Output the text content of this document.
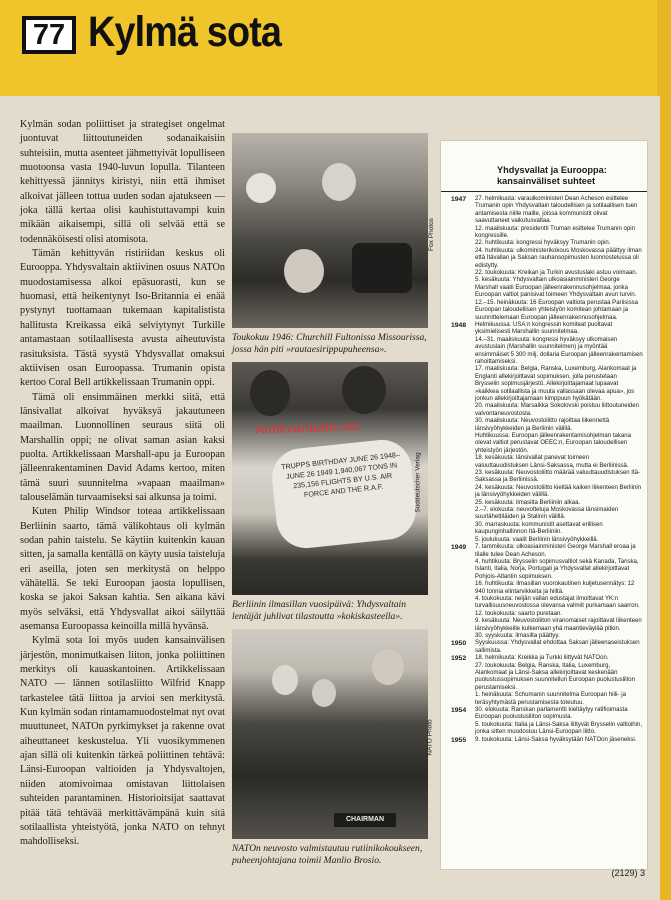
77 Kylmä sota

Kylmän sodan poliittiset ja strategiset ongelmat juontuvat liittoutuneiden sodanaikaisiin suhteisiin, mutta asenteet jähmettyivät lopulliseen muotoonsa vasta 1940-luvun lopulla. Tilanteen kehittyessä jännitys kiristyi, niin että ihmiset alkoivat jälleen tottua uuden sodan ajatukseen — joka tällä kertaa olisi kauhistuttavampi kuin mikään aikaisempi, sillä oli selvää että se todennäköisesti olisi atomisota.

Tämän kehittyvän ristiriidan keskus oli Eurooppa. Yhdysvaltain aktiivinen osuus NATOn muodostamisessa alkoi epäsuorasti, kun se huomasi, että heikentynyt Iso-Britannia ei enää pystynyt tuottamaan tukemaan kapitalistista hallitusta Kreikassa eikä selviytynyt Turkille antamastaan sotilaallisesta avusta aiheutuvista rasituksista. Tästä syystä Yhdysvallat omaksui aktiivisen osan Euroopassa. Trumanin opista kertoo Coral Bell artikkelissaan Trumanin oppi.

Tämä oli ensimmäinen merkki siitä, että länsivallat alkoivat hyväksyä jakautuneen maailman. Luonnollinen seuraus siitä oli Marshallin oppi; ne olivat saman asian kaksi puolta. Artikkelissaan Marshall-apu ja Euroopan jälleenrakentaminen David Adams kertoo, miten tämä suuri suunnitelma »vapaan maailman» talouselämän turvaamiseksi sai alkunsa ja toimi.

Kuten Philip Windsor toteaa artikkelissaan Berliinin saarto, tämä välikohtaus oli kylmän sodan pahin taistelu. Se käytiin kuitenkin kauan sitten, ja samalla kentällä on käyty uusia taisteluja eri aseilla, joten sen merkitystä on helppo vähätellä. Se teki Euroopan jaosta lopullisen, koska se jakoi Saksan kahtia. Sen aikana kävi myös selväksi, että Yhdysvallat aikoi säilyttää asemansa Euroopassa keinoilla millä hyvänsä.

Kylmä sota loi myös uuden kansainvälisen järjestön, monimutkaisen liiton, jonka poliittinen merkitys oli kauaskantoinen. Artikkelissaan NATO — lännen sotilasliitto Wilfrid Knapp tarkastelee tätä liittoa ja arvioi sen merkitystä. Kun kylmän sodan rintamamuodostelmat nyt ovat muuttuneet, NATOn pyrkimykset ja rakenne ovat aiheuttaneet keskustelua. Yli vuosikymmenen ajan sillä oli kuitenkin tärkeä poliittinen tehtävä: Länsi-Euroopan valtioiden ja Yhdysvaltojen, niiden atomivoimaa omistavan liittolaisen suhteiden parantaminen. Historioitsijat saattavat pitää tätä tehtävää merkittävämpänä kuin sitä sotilaallista yhteistyötä, jonka NATO on tehnyt mahdolliseksi.

Fox Photos
Toukokuu 1946: Churchill Fultonissa Missourissa, jossa hän piti »rautaesirippupuheensa».
TRUPPS BIRTHDAY JUNE 26 1948–JUNE 26 1949 1,940,067 TONS IN 235,156 FLIGHTS BY U.S. AIR FORCE AND THE R.A.F.	Süddeutscher Verlag
Berliinin ilmasillan vuosipäivä: Yhdysvaltain lentäjät juhlivat tilastoutta »kokiskasteella».
CHAIRMAN
NATO Photo
NATOn neuvosto valmistautuu rutiinikokoukseen, puheenjohtajana toimii Manlio Brosio.
Antikvariaatti.net
Yhdysvallat ja Eurooppa: kansainväliset suhteet
1947	27. helmikuuta: varaulkoministeri Dean Acheson esittelee Trumanin opin Yhdysvaltain taloudellisen ja sotilaallisen tuen antamisesta niille maille, joissa kommunistit olivat saavuttaneet vaikutusvaltaa.
12. maaliskuuta: presidentti Truman esittelee Trumanin opin kongressille.
22. huhtikuuta: kongressi hyväksyy Trumanin opin.
24. huhtikuuta: ulkoministerikokous Moskovassa päättyy ilman että Itävallan ja Saksan rauhansopimusten luonnostelussa oli edistytty.
22. toukokuuta: Kreikan ja Turkin avustuslaki astuu voimaan.
5. kesäkuuta: Yhdysvaltain ulkoasiainministeri George Marshall vaatii Euroopan jälleenrakennusohjelmaa, jonka Euroopan valtiot panisivat toimeen Yhdysvaltain avun turvin.
12.–15. heinäkuuta: 16 Euroopan valtiota perustaa Pariisissa Euroopan taloudellisen yhteistyön komitean johtamaan ja suunnittelemaan Euroopan jälleenrakennusohjelmaa.
1948	Helmikuussa: USA:n kongressin komiteat puoltavat yksimielisesti Marshallin suunnitelmaa.
14.–31. maaliskuuta: kongressi hyväksyy ulkomaisen avustuslain (Marshallin suunnitelmen) ja myöntää ensimmäiset 5 300 milj. dollaria Euroopan jälleenrakentamisen rahoittamiseksi.
17. maaliskuuta: Belgia, Ranska, Luxemburg, Alankomaat ja Englanti allekirjoittavat sopimuksen, jolla perustetaan Brysselin sopimusjärjestö. Allekirjoittajamaat lupaavat »kaikkea sotilaallista ja muuta vallassaan olevaa apua», jos jonkun allekirjoittajamaan kimppuun hyökätään.
20. maaliskuuta: Marsalkka Sokolovski poistuu liittoutuneiden valvontaneuvostosta.
30. maaliskuuta: Neuvostoliitto rajoittaa liikennettä länsivyöhykkeiden ja Berliinin välillä.
Huhtikuussa: Euroopan jälleenrakentamisohjelman takana olevat valtiot perustavat OEEC:n, Euroopan taloudellisen yhteistyön järjestön.
18. kesäkuuta: länsivallat panevat toimeen valuuttauudistuksen Länsi-Saksassa, mutta ei Berliinissä.
23. kesäkuuta: Neuvostoliitto määrää valuuttauudistuksen Itä-Saksassa ja Berliinissä.
24. kesäkuuta: Neuvostoliitto kieltää kaiken liikenteen Berliinin ja länsivyöhykkeiden välillä.
25. kesäkuuta: ilmasilta Berliiniin alkaa.
2.–7. elokuuta: neuvotteluja Moskovassa länsimaiden suurlähettiläiden ja Stalinin välillä.
30. marraskuuta: kommunistit asettavat erillisen kaupunginhallinnon Itä-Berliiniin.
5. joulukuuta: vaalit Berliinin länsivyöhykkeillä.
1949	7. tammikuuta: ulkoasiainministeri George Marshall eroaa ja tilalle tulee Dean Acheson.
4. huhtikuuta: Brysselin sopimusvaltiot sekä Kanada, Tanska, Islanti, Italia, Norja, Portugali ja Yhdysvallat allekirjoittavat Pohjois-Atlantin sopimuksen.
16. huhtikuuta: ilmasillan vuorokautinen kuljetusennätys: 12 940 tonnia elintarvikkeita ja hiiltä.
4. toukokuuta: neljän vallan edustajat ilmoittavat YK:n turvallisuusneuvostossa olevansa valmiit purkamaan saarron.
12. toukokuuta: saarto puretaan.
9. kesäkuuta: Neuvostoliiton viranomaiset rajoittavat liikenteen länsivyöhykkeille kulkemaan yhä maantieväylää pitkin.
30. syyskuuta: ilmasilta päättyy.
1950	Syyskuussa: Yhdysvallat ehdottaa Saksan jälleenaseistuksen sallimista.
1952	18. helmikuuta: Kreikka ja Turkki liittyvät NATOon.
27. toukokuuta: Belgia, Ranska, Italia, Luxemburg, Alankomaat ja Länsi-Saksa allekirjoittavat keskenään puolustussopimuksen suunnitellun Euroopan puolustusliiton perustamiseksi.
1. heinäkuuta: Schumanin suunnitelma Euroopan hiili- ja teräsyhtymästä perustamisesta toteutuu.
1954	30. elokuuta: Ranskan parlamentti kieltäytyy ratifioimasta Euroopan puolustusliiton sopimusta.
5. toukokuuta: Italia ja Länsi-Saksa liittyvät Brysselin valtioihin, jonka sitten muodostuu Länsi-Euroopan liitto.
1955	9. toukokuuta: Länsi-Saksa hyväksytään NATOon jäseneksi.
(2129) 3
